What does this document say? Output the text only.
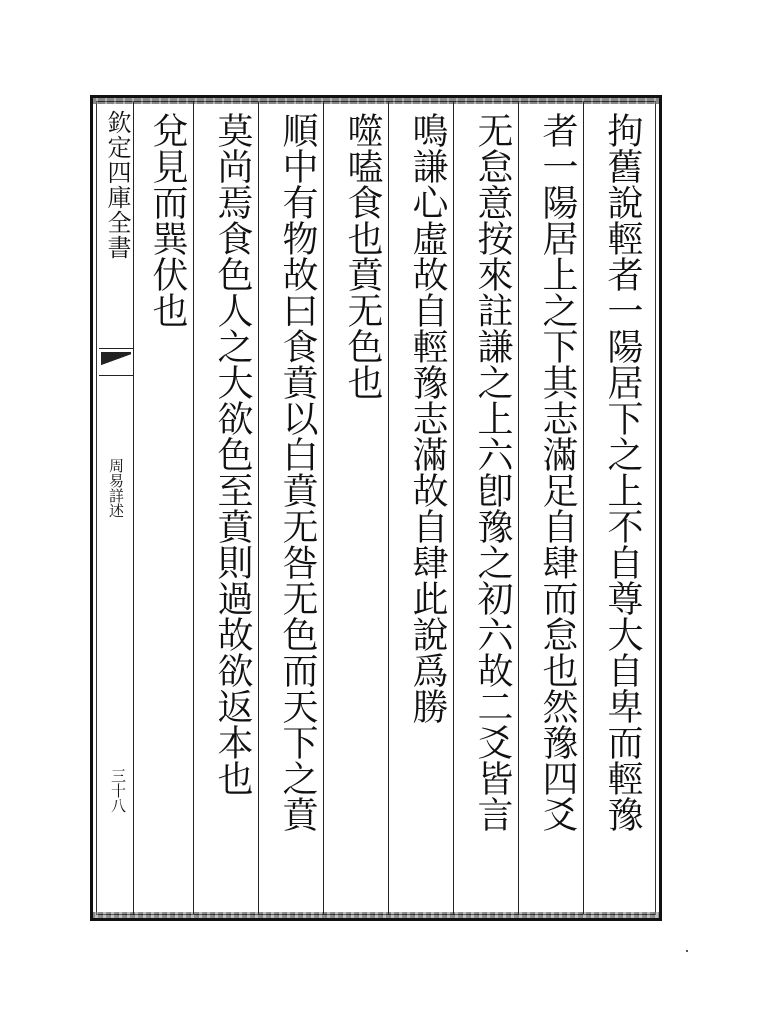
拘舊說輕者一陽居下之上不自尊大自卑而輕豫
者一陽居上之下其志滿足自肆而怠也然豫四爻
无怠意按來註謙之上六卽豫之初六故二爻皆言
鳴謙心虛故自輕豫志滿故自肆此說爲勝
噬嗑食也賁无色也
順中有物故曰食賁以白賁无咎无色而天下之賁
莫尚焉食色人之大欲色至賁則過故欲返本也
兌見而巽伏也
欽定四庫全書
周易詳述
三十八
